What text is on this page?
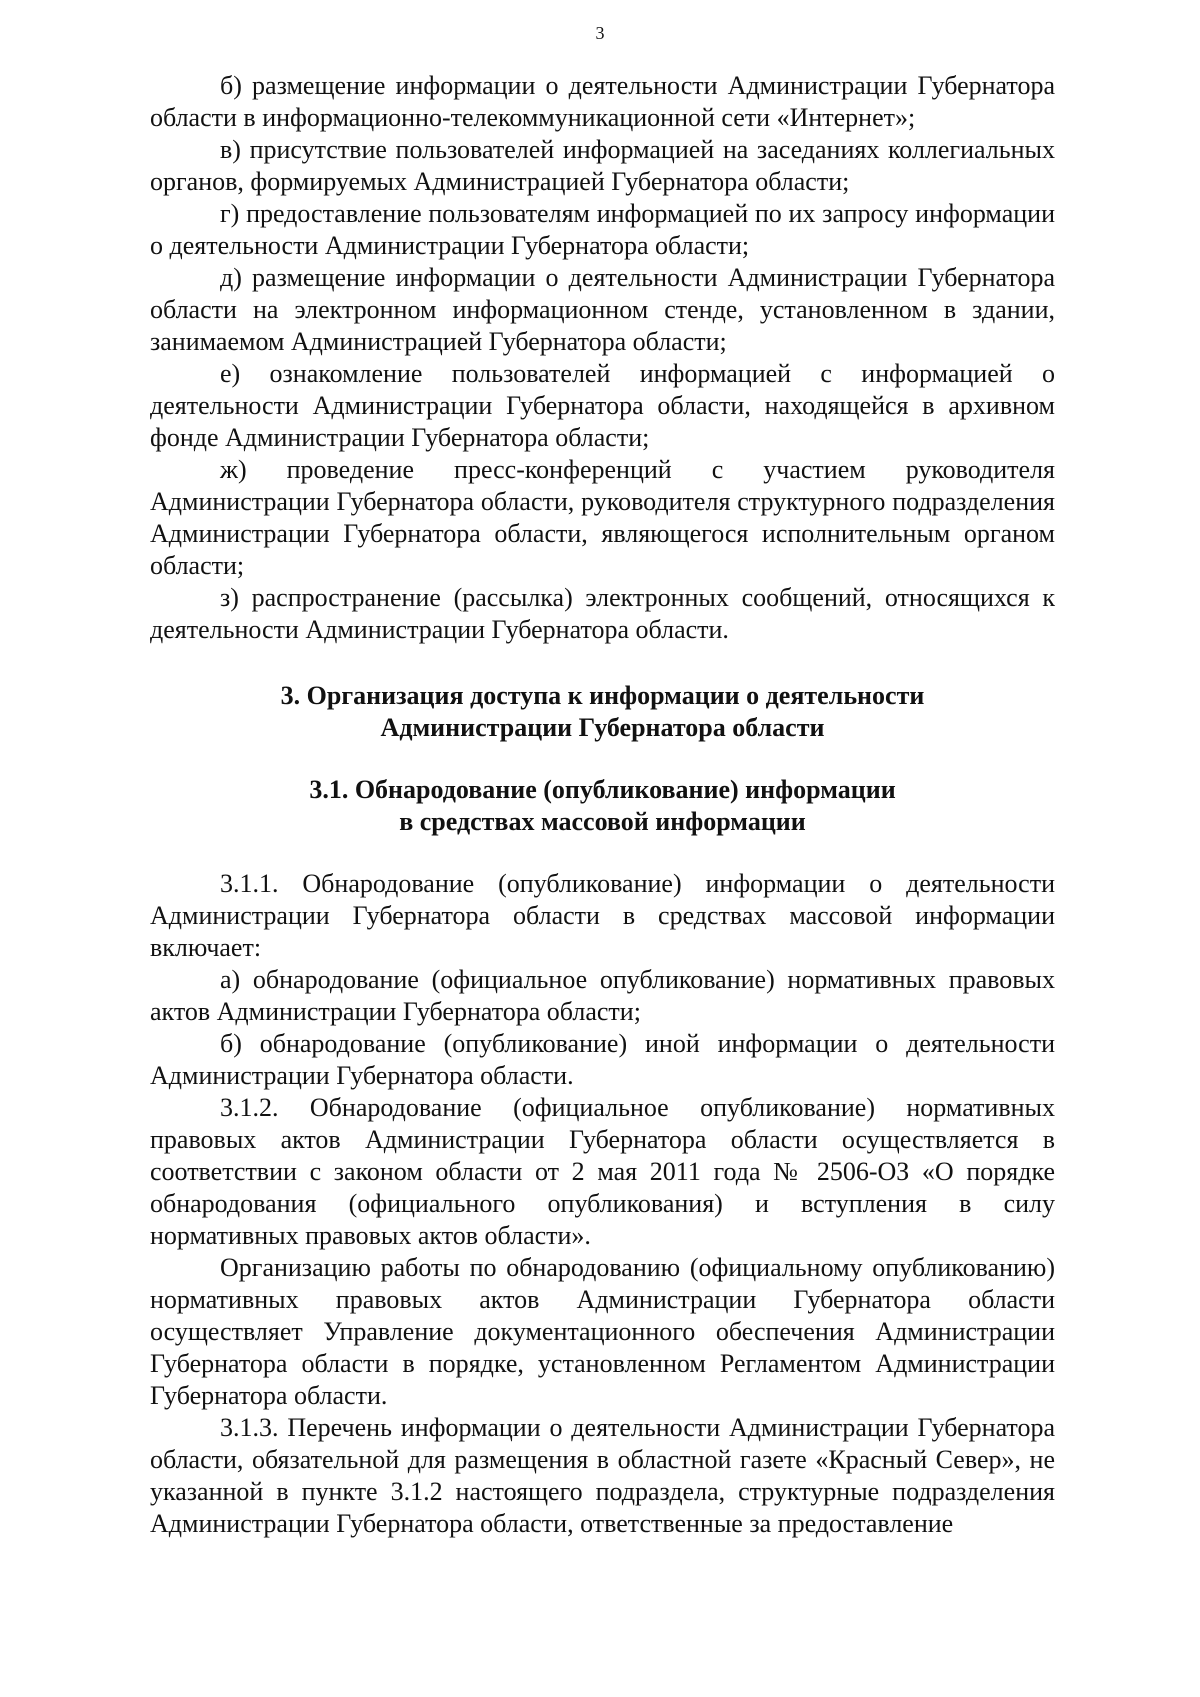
3

б) размещение информации о деятельности Администрации Губернатора области в информационно-телекоммуникационной сети «Интернет»;

в) присутствие пользователей информацией на заседаниях коллегиальных органов, формируемых Администрацией Губернатора области;

г) предоставление пользователям информацией по их запросу информации о деятельности Администрации Губернатора области;

д) размещение информации о деятельности Администрации Губернатора области на электронном информационном стенде, установленном в здании, занимаемом Администрацией Губернатора области;

е) ознакомление пользователей информацией с информацией о деятельности Администрации Губернатора области, находящейся в архивном фонде Администрации Губернатора области;

ж) проведение пресс-конференций с участием руководителя Администрации Губернатора области, руководителя структурного подразделения Администрации Губернатора области, являющегося исполнительным органом области;

з) распространение (рассылка) электронных сообщений, относящихся к деятельности Администрации Губернатора области.

3. Организация доступа к информации о деятельности
Администрации Губернатора области
3.1. Обнародование (опубликование) информации
в средствах массовой информации

3.1.1. Обнародование (опубликование) информации о деятельности Администрации Губернатора области в средствах массовой информации включает:

а) обнародование (официальное опубликование) нормативных правовых актов Администрации Губернатора области;

б) обнародование (опубликование) иной информации о деятельности Администрации Губернатора области.

3.1.2. Обнародование (официальное опубликование) нормативных правовых актов Администрации Губернатора области осуществляется в соответствии с законом области от 2 мая 2011 года № 2506-ОЗ «О порядке обнародования (официального опубликования) и вступления в силу нормативных правовых актов области».

Организацию работы по обнародованию (официальному опубликованию) нормативных правовых актов Администрации Губернатора области осуществляет Управление документационного обеспечения Администрации Губернатора области в порядке, установленном Регламентом Администрации Губернатора области.

3.1.3. Перечень информации о деятельности Администрации Губернатора области, обязательной для размещения в областной газете «Красный Север», не указанной в пункте 3.1.2 настоящего подраздела, структурные подразделения Администрации Губернатора области, ответственные за предоставление
